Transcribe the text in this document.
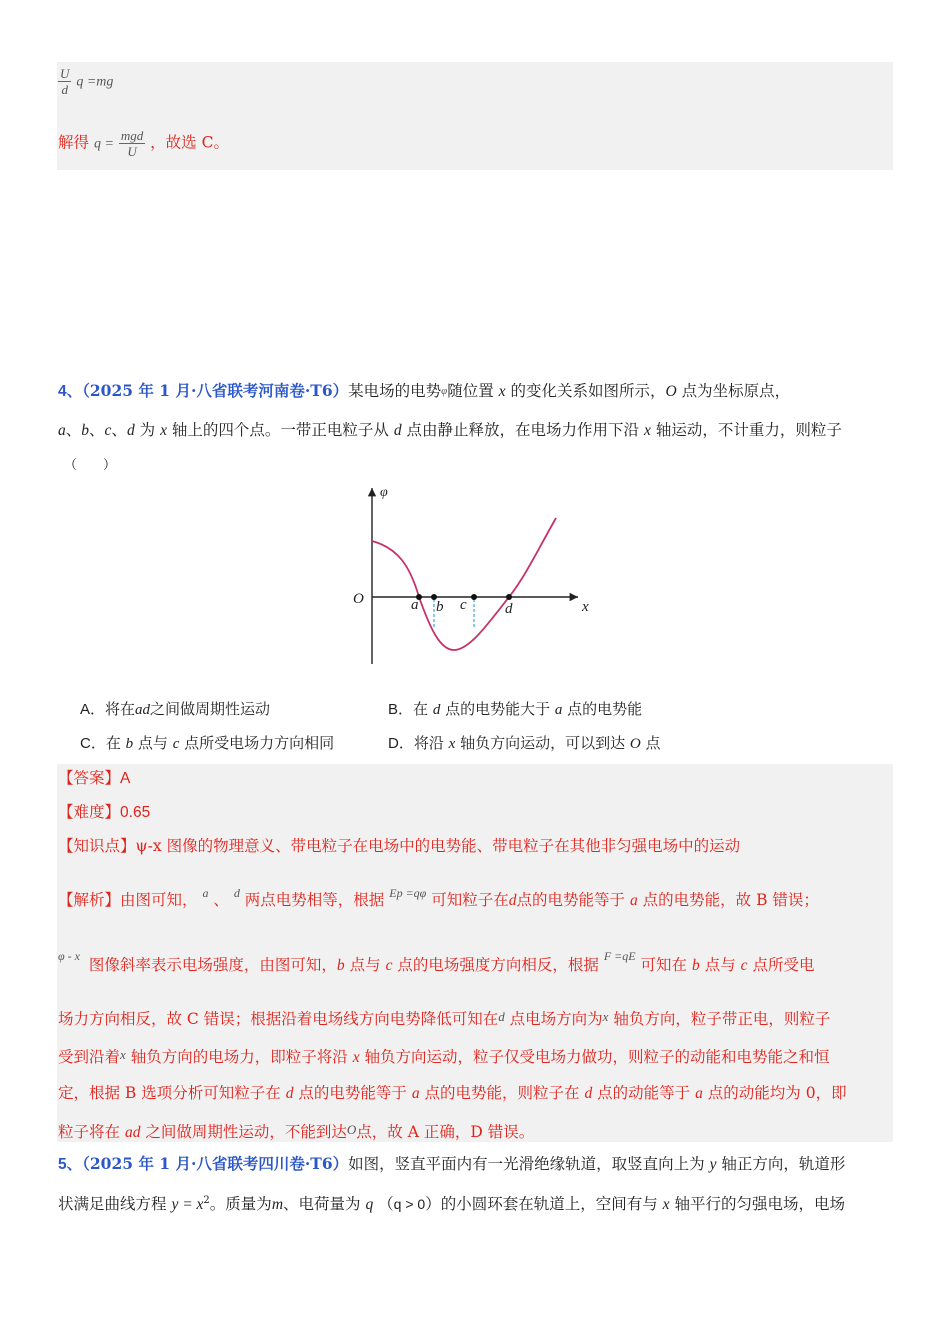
$\frac{U}{d}$ q =mg
解得 $q = \frac{\text{mgd}}{U}$ ，故选 C。
4、（2025 年 1 月·八省联考河南卷·T6）某电场的电势$^\varphi$随位置 x 的变化关系如图所示，O 点为坐标原点，
a、b、c、d 为 x 轴上的四个点。一带正电粒子从 d 点由静止释放，在电场力作用下沿 x 轴运动，不计重力，则粒子
（　　）
φ
x
O	a b c	d
A．将在ad之间做周期性运动	B．在 d 点的电势能大于 a 点的电势能
C．在 b 点与 c 点所受电场力方向相同	D．将沿 x 轴负方向运动，可以到达 O 点
【答案】A
【难度】0.65
【知识点】ψ-x 图像的物理意义、带电粒子在电场中的电势能、带电粒子在其他非匀强电场中的运动
【解析】由图可知， $^a$ 、 $^d$ 两点电势相等，根据 $^{Ep =q\varphi}$ 可知粒子在d点的电势能等于 a 点的电势能，故 B 错误；
$^{\varphi - x}$ 图像斜率表示电场强度，由图可知，b 点与 c 点的电场强度方向相反，根据 $^{F =qE}$ 可知在 b 点与 c 点所受电
场力方向相反，故 C 错误；根据沿着电场线方向电势降低可知在d 点电场方向为x 轴负方向，粒子带正电，则粒子
受到沿着x 轴负方向的电场力，即粒子将沿 x 轴负方向运动，粒子仅受电场力做功，则粒子的动能和电势能之和恒
定，根据 B 选项分析可知粒子在 d 点的电势能等于 a 点的电势能，则粒子在 d 点的动能等于 a 点的动能均为 0，即
粒子将在 ad 之间做周期性运动，不能到达O点，故 A 正确，D 错误。
5、（2025 年 1 月·八省联考四川卷·T6）如图，竖直平面内有一光滑绝缘轨道，取竖直向上为 y 轴正方向，轨道形
状满足曲线方程 $y = x^2$。质量为m、电荷量为 q （q > 0）的小圆环套在轨道上，空间有与 x 轴平行的匀强电场，电场
